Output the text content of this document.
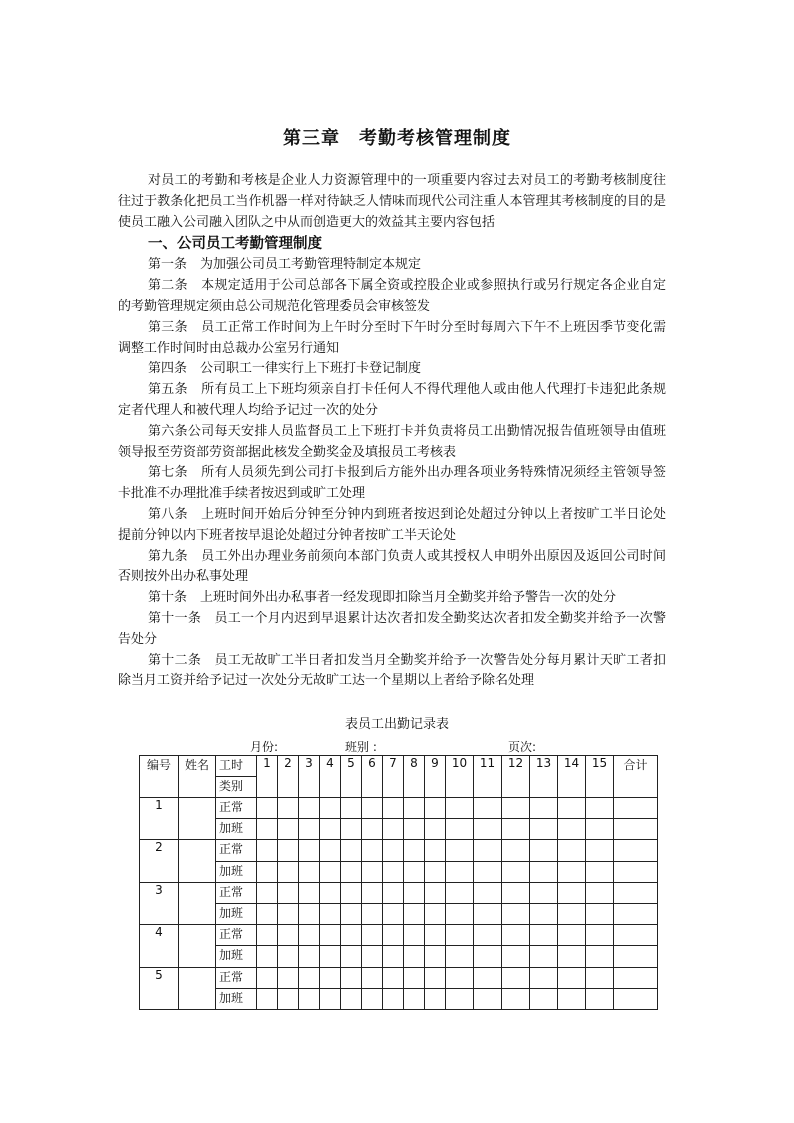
第三章　考勤考核管理制度

对员工的考勤和考核是企业人力资源管理中的一项重要内容过去对员工的考勤考核制度往往过于教条化把员工当作机器一样对待缺乏人情味而现代公司注重人本管理其考核制度的目的是使员工融入公司融入团队之中从而创造更大的效益其主要内容包括

一、公司员工考勤管理制度

第一条　为加强公司员工考勤管理特制定本规定

第二条　本规定适用于公司总部各下属全资或控股企业或参照执行或另行规定各企业自定的考勤管理规定须由总公司规范化管理委员会审核签发

第三条　员工正常工作时间为上午时分至时下午时分至时每周六下午不上班因季节变化需调整工作时间时由总裁办公室另行通知

第四条　公司职工一律实行上下班打卡登记制度

第五条　所有员工上下班均须亲自打卡任何人不得代理他人或由他人代理打卡违犯此条规定者代理人和被代理人均给予记过一次的处分

第六条公司每天安排人员监督员工上下班打卡并负责将员工出勤情况报告值班领导由值班领导报至劳资部劳资部据此核发全勤奖金及填报员工考核表

第七条　所有人员须先到公司打卡报到后方能外出办理各项业务特殊情况须经主管领导签卡批准不办理批准手续者按迟到或旷工处理

第八条　上班时间开始后分钟至分钟内到班者按迟到论处超过分钟以上者按旷工半日论处提前分钟以内下班者按早退论处超过分钟者按旷工半天论处

第九条　员工外出办理业务前须向本部门负责人或其授权人申明外出原因及返回公司时间否则按外出办私事处理

第十条　上班时间外出办私事者一经发现即扣除当月全勤奖并给予警告一次的处分

第十一条　员工一个月内迟到早退累计达次者扣发全勤奖达次者扣发全勤奖并给予一次警告处分

第十二条　员工无故旷工半日者扣发当月全勤奖并给予一次警告处分每月累计天旷工者扣除当月工资并给予记过一次处分无故旷工达一个星期以上者给予除名处理

表员工出勤记录表
月份:	班别 :	页次:
编号	姓名	工时	1	2	3	4	5	6	7	8	9	10	11	12	13	14	15	合计
		类别																
1		正常																
		加班																
2		正常																
		加班																
3		正常																
		加班																
4		正常																
		加班																
5		正常																
		加班																
